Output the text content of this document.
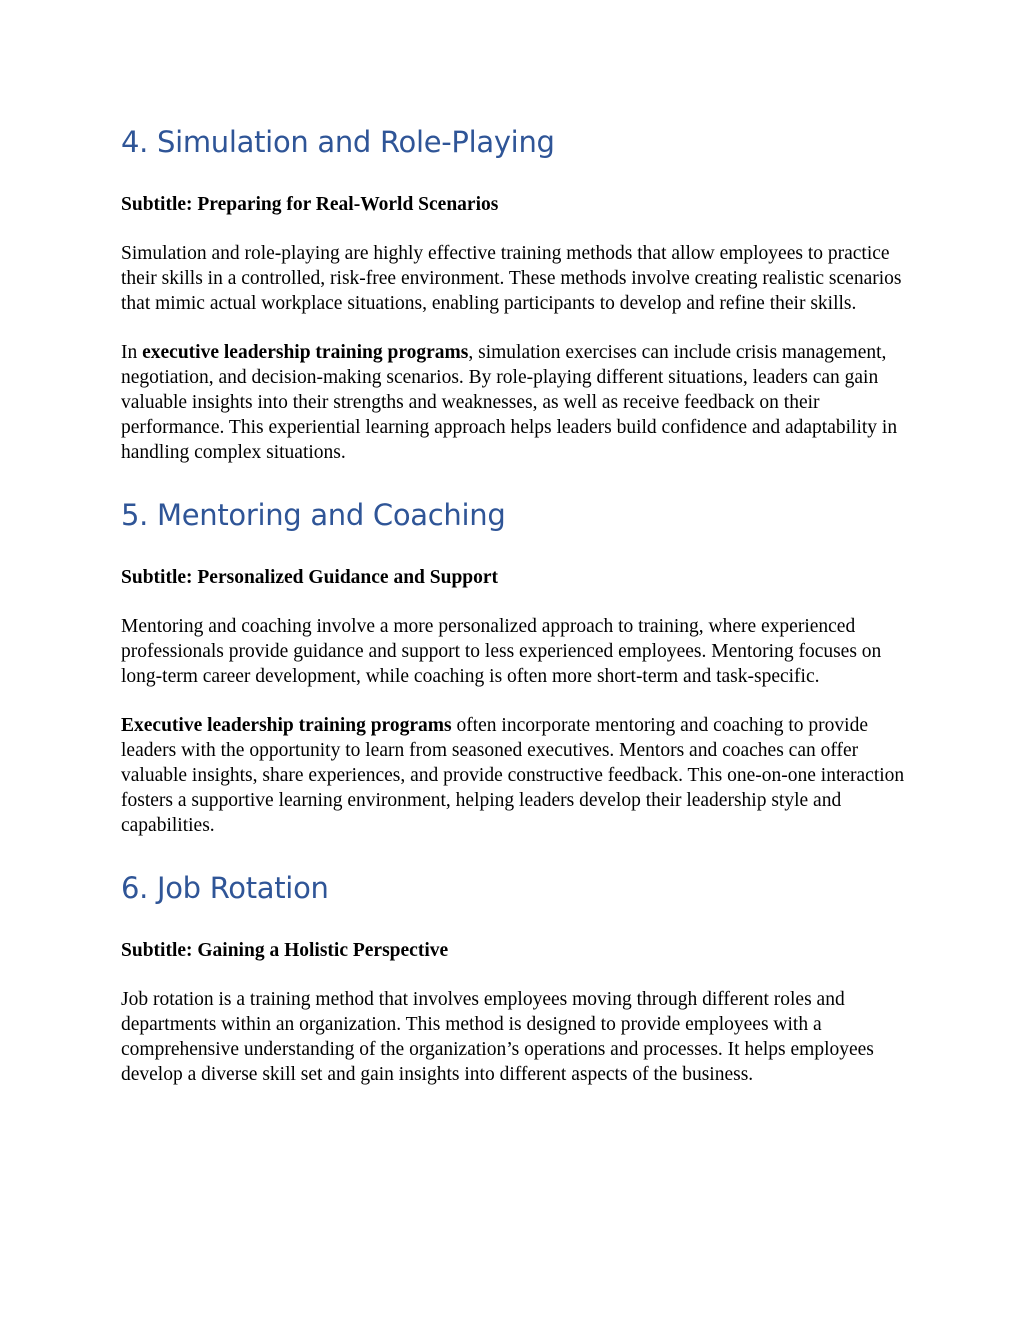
4. Simulation and Role-Playing

Subtitle: Preparing for Real-World Scenarios

Simulation and role-playing are highly effective training methods that allow employees to practice their skills in a controlled, risk-free environment. These methods involve creating realistic scenarios that mimic actual workplace situations, enabling participants to develop and refine their skills.

In executive leadership training programs, simulation exercises can include crisis management, negotiation, and decision-making scenarios. By role-playing different situations, leaders can gain valuable insights into their strengths and weaknesses, as well as receive feedback on their performance. This experiential learning approach helps leaders build confidence and adaptability in handling complex situations.

5. Mentoring and Coaching

Subtitle: Personalized Guidance and Support

Mentoring and coaching involve a more personalized approach to training, where experienced professionals provide guidance and support to less experienced employees. Mentoring focuses on long-term career development, while coaching is often more short-term and task-specific.

Executive leadership training programs often incorporate mentoring and coaching to provide leaders with the opportunity to learn from seasoned executives. Mentors and coaches can offer valuable insights, share experiences, and provide constructive feedback. This one-on-one interaction fosters a supportive learning environment, helping leaders develop their leadership style and capabilities.

6. Job Rotation

Subtitle: Gaining a Holistic Perspective

Job rotation is a training method that involves employees moving through different roles and departments within an organization. This method is designed to provide employees with a comprehensive understanding of the organization’s operations and processes. It helps employees develop a diverse skill set and gain insights into different aspects of the business.
